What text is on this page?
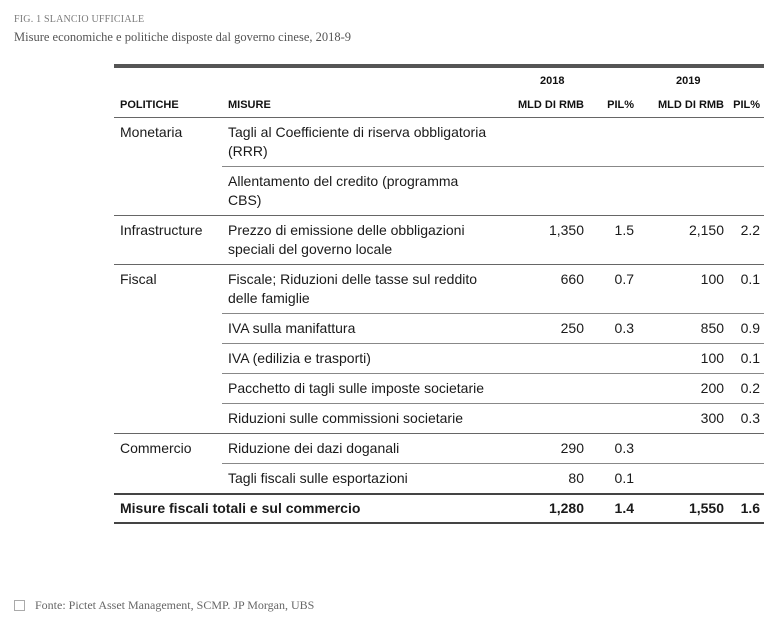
FIG. 1 SLANCIO UFFICIALE
Misure economiche e politiche disposte dal governo cinese, 2018-9
		2018		2019	
POLITICHE	MISURE	MLD DI RMB	PIL%	MLD DI RMB	PIL%
Monetaria	Tagli al Coefficiente di riserva obbligatoria (RRR)				
	Allentamento del credito (programma CBS)				
Infrastructure	Prezzo di emissione delle obbligazioni speciali del governo locale	1,350	1.5	2,150	2.2
Fiscal	Fiscale; Riduzioni delle tasse sul reddito delle famiglie	660	0.7	100	0.1
	IVA sulla manifattura	250	0.3	850	0.9
	IVA (edilizia e trasporti)			100	0.1
	Pacchetto di tagli sulle imposte societarie			200	0.2
	Riduzioni sulle commissioni societarie			300	0.3
Commercio	Riduzione dei dazi doganali	290	0.3		
	Tagli fiscali sulle esportazioni	80	0.1		
Misure fiscali totali e sul commercio		1,280	1.4	1,550	1.6
Fonte: Pictet Asset Management, SCMP. JP Morgan, UBS
